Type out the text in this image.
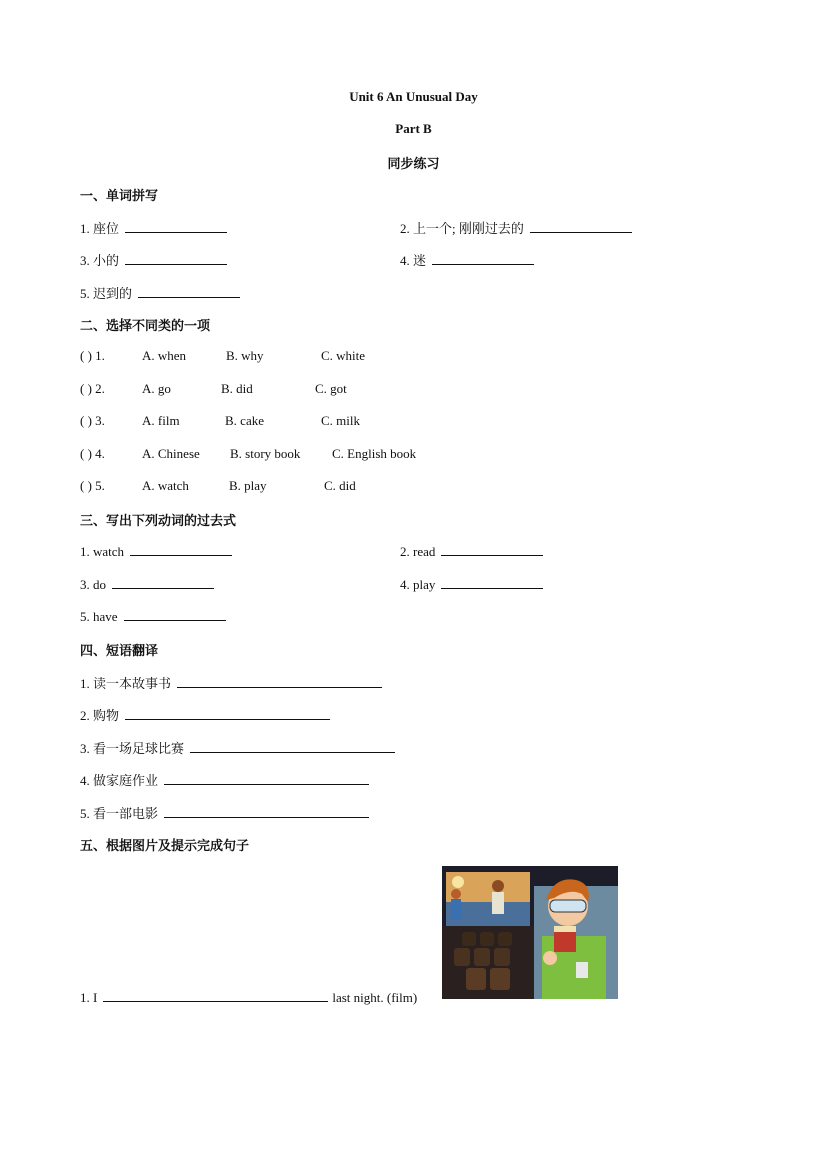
Unit 6 An Unusual Day
Part B
同步练习
一、单词拼写
1. 座位	2. 上一个; 刚刚过去的
3. 小的	4. 迷
5. 迟到的
二、选择不同类的一项
( ) 1.	A. when	B. why	C. white
( ) 2.	A. go	B. did	C. got
( ) 3.	A. film	B. cake	C. milk
( ) 4.	A. Chinese B. story book C. English book
( ) 5.	A. watch	B. play	C. did
三、写出下列动词的过去式
1. watch	2. read
3. do	4. play
5. have
四、短语翻译
1. 读一本故事书
2. 购物
3. 看一场足球比赛
4. 做家庭作业
5. 看一部电影
五、根据图片及提示完成句子
1. I	last night. (film)
